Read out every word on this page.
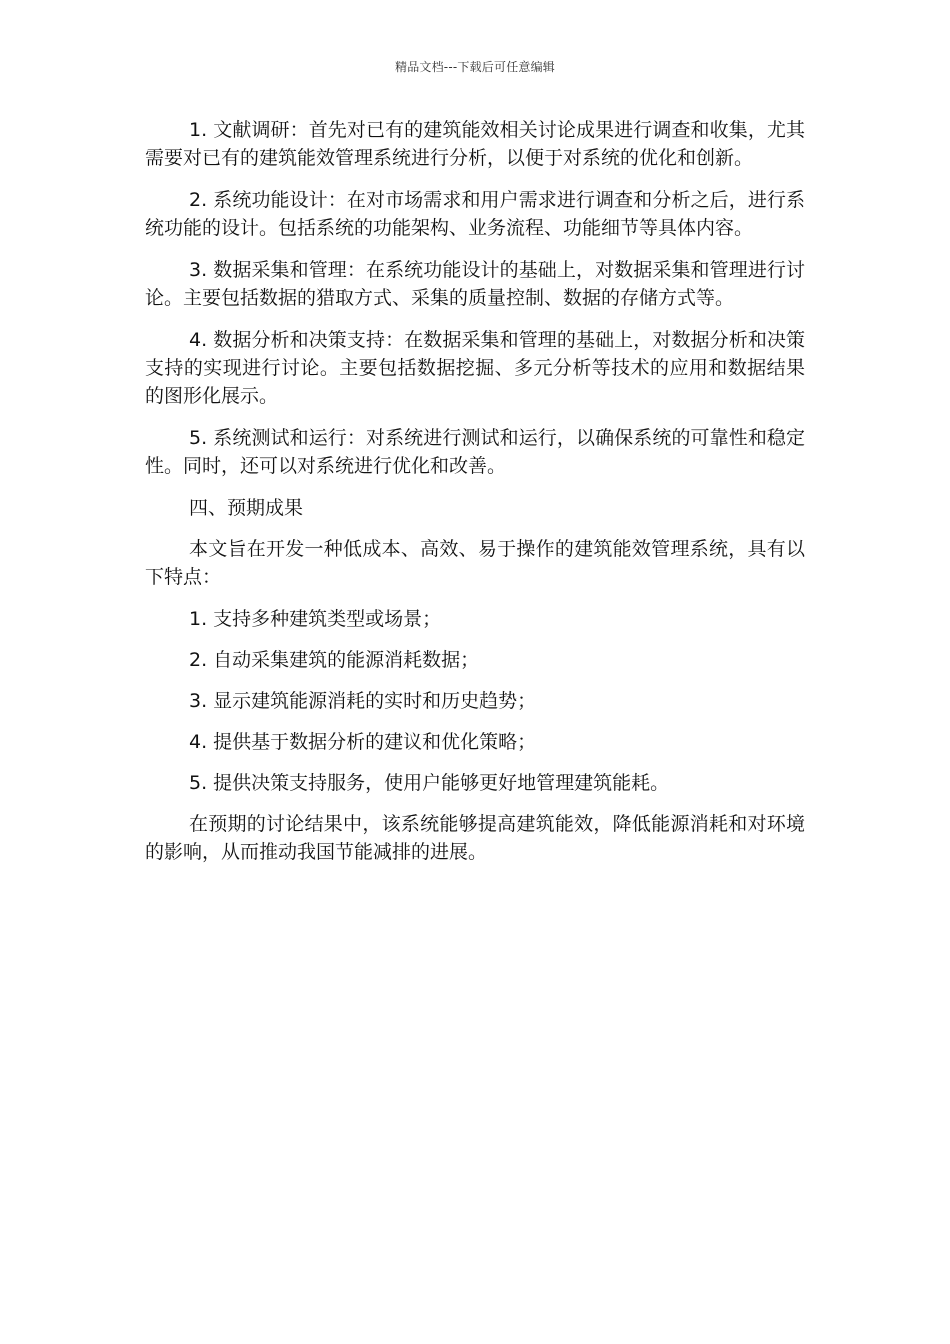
精品文档---下载后可任意编辑

1. 文献调研：首先对已有的建筑能效相关讨论成果进行调查和收集，尤其需要对已有的建筑能效管理系统进行分析，以便于对系统的优化和创新。

2. 系统功能设计：在对市场需求和用户需求进行调查和分析之后，进行系统功能的设计。包括系统的功能架构、业务流程、功能细节等具体内容。

3. 数据采集和管理：在系统功能设计的基础上，对数据采集和管理进行讨论。主要包括数据的猎取方式、采集的质量控制、数据的存储方式等。

4. 数据分析和决策支持：在数据采集和管理的基础上，对数据分析和决策支持的实现进行讨论。主要包括数据挖掘、多元分析等技术的应用和数据结果的图形化展示。

5. 系统测试和运行：对系统进行测试和运行，以确保系统的可靠性和稳定性。同时，还可以对系统进行优化和改善。

四、预期成果

本文旨在开发一种低成本、高效、易于操作的建筑能效管理系统，具有以下特点：

1. 支持多种建筑类型或场景；

2. 自动采集建筑的能源消耗数据；

3. 显示建筑能源消耗的实时和历史趋势；

4. 提供基于数据分析的建议和优化策略；

5. 提供决策支持服务，使用户能够更好地管理建筑能耗。

在预期的讨论结果中，该系统能够提高建筑能效，降低能源消耗和对环境的影响，从而推动我国节能减排的进展。
